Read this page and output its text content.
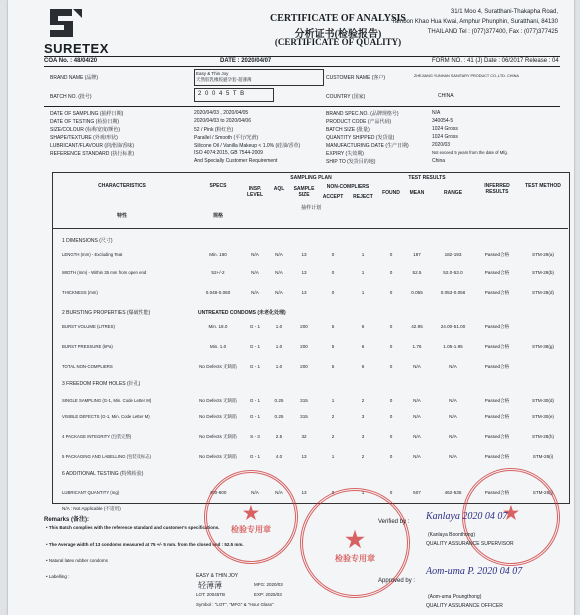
SURETEX
CERTIFICATE OF ANALYSIS
分析证书(检验报告)
(CERTIFICATE OF QUALITY)
31/1 Moo 4, Suratthani-Thakapha Road,
Tambon Khao Hua Kwai, Amphur Phunphin, Suratthani, 84130
THAILAND Tel : (077)377400, Fax : (077)377425
COA No. : 48/04/20	DATE : 2020/04/07	FORM NO. : 41 (J) Date : 06/2017 Release : 04
BRAND NAME (品牌)
Easy & Thin Joy
天然胶乳橡胶避孕套-超薄薄	CUSTOMER NAME (客户)	ZHEJIANG YUNHAN SANITARY PRODUCT CO.,LTD. CHINA
BATCH NO. (批号)	2 0 0 4 5 T B	COUNTRY (国家)	CHINA
DATE OF SAMPLING (抽样日期)	2020/04/03 , 2020/04/05
DATE OF TESTING (检验日期)	2020/04/03 to 2020/04/06
SIZE/COLOUR (标称宽度/颜色)	52 / Pink (粉红色)
SHAPE/TEXTURE (外观/形状)	Parallel / Smooth (平行/光滑)
LUBRICANT/FLAVOUR (润滑油/香味)	Silicone Oil / Vanilla Makeup < 1.0% (硅油/香草)
REFERENCE STANDARD (执行标准)	ISO 4074:2015, GB 7544-2009
And Specially Customer Requirement
BRAND SPEC.NO. (品牌规格号)	N/A
PRODUCT CODE (产品代码)	340054-5
BATCH SIZE (批量)	1024 Gross
QUANTITY SHIPPED (发货量)	1024 Gross
MANUFACTURING DATE (生产日期)	2020/03
EXPIRY (失效期)	Not exceed 5 years from the date of Mfg.
SHIP TO (发货目的地)	China
CHARACTERISTICS
特性
SPECS
规格
SAMPLING PLAN
抽样计划
INSP. LEVEL
AQL	SAMPLE SIZE
NON-COMPLIERS
ACCEPT	REJECT
TEST RESULTS
FOUND	MEAN	RANGE
INFERRED RESULTS
TEST METHOD
1 DIMENSIONS (尺寸)
2 BURSTING PROPERTIES (爆破性能)	UNTREATED CONDOMS (未老化处理)
3 FREEDOM FROM HOLES (针孔)
6 ADDITIONAL TESTING (特殊检验)
N/A : Not Applicable (不适用)
LENGTH (mm) - Excluding Teat	Min. 160	N/A	N/A	13	0	1	0	187	182-193	Passed合格	STM-29(a)
WIDTH (mm) - Within 35 mm from open end	52+/-2	N/A	N/A	13	0	1	0	52.5	52.0-53.0	Passed合格	STM-28(b)
THICKNESS (mm)	0.048-0.060	N/A	N/A	13	0	1	0	0.055	0.053-0.056	Passed合格	STM-28(d)
BURST VOLUME (LITRES)	Min. 18.0	G - 1	1.0	200	5	6	0	42.95	24.00-51.00	Passed合格
BURST PRESSURE (kPa)	Min. 1.0	G - 1	1.0	200	5	6	0	1.76	1.05-1.95	Passed合格	STM-38(g)
TOTAL NON-COMPLIERS	No Defects 无缺陷	G - 1	1.0	200	5	6	0	N/A	N/A	Passed合格
SINGLE SAMPLING (G-1, Min. Code Letter M)	No Defects 无缺陷	G - 1	0.25	315	1	2	0	N/A	N/A	Passed合格	STM-30(d)
VISIBLE DEFECTS (G-1, Min. Code Letter M)	No Defects 无缺陷	G - 1	0.25	315	2	3	0	N/A	N/A	Passed合格	STM-30(e)
4 PACKAGE INTEGRITY (包装完整)	No Defects 无缺陷	S - 3	2.5	32	2	3	0	N/A	N/A	Passed合格	STM-28(h)
5 PACKAGING AND LABELLING (包装及标志)	No Defects 无缺陷	G - 1	4.0	13	1	2	0	N/A	N/A	Passed合格	STM-28(i)
LUBRICANT QUANTITY (mg)	400-600	N/A	N/A	13	0	1	0	507	462-535	Passed合格	STM-28(j)
Remarks (备注):
• This Batch complies with the reference standard and customer's specifications.
• The Average width of 13 condoms measured at 75 +/- 5 mm. from the closed end : 52.5 mm.
• Natural latex rubber condoms
• Labelling :	EASY & THIN JOY
轻薄薄
LOT: 20045TB
MFG: 2020/03
EXP: 2025/03
Symbol : "LOT", "MFG" & "Hour Glass"
★
检验专用章	★
检验专用章
★
Verified by : Kanlaya 2020 04 07
(Kanlaya Boonthong)
QUALITY ASSURANCE SUPERVISOR
Approved by :
Aom-uma P. 2020 04 07
(Aom-uma Poungthong)
QUALITY ASSURANCE OFFICER
